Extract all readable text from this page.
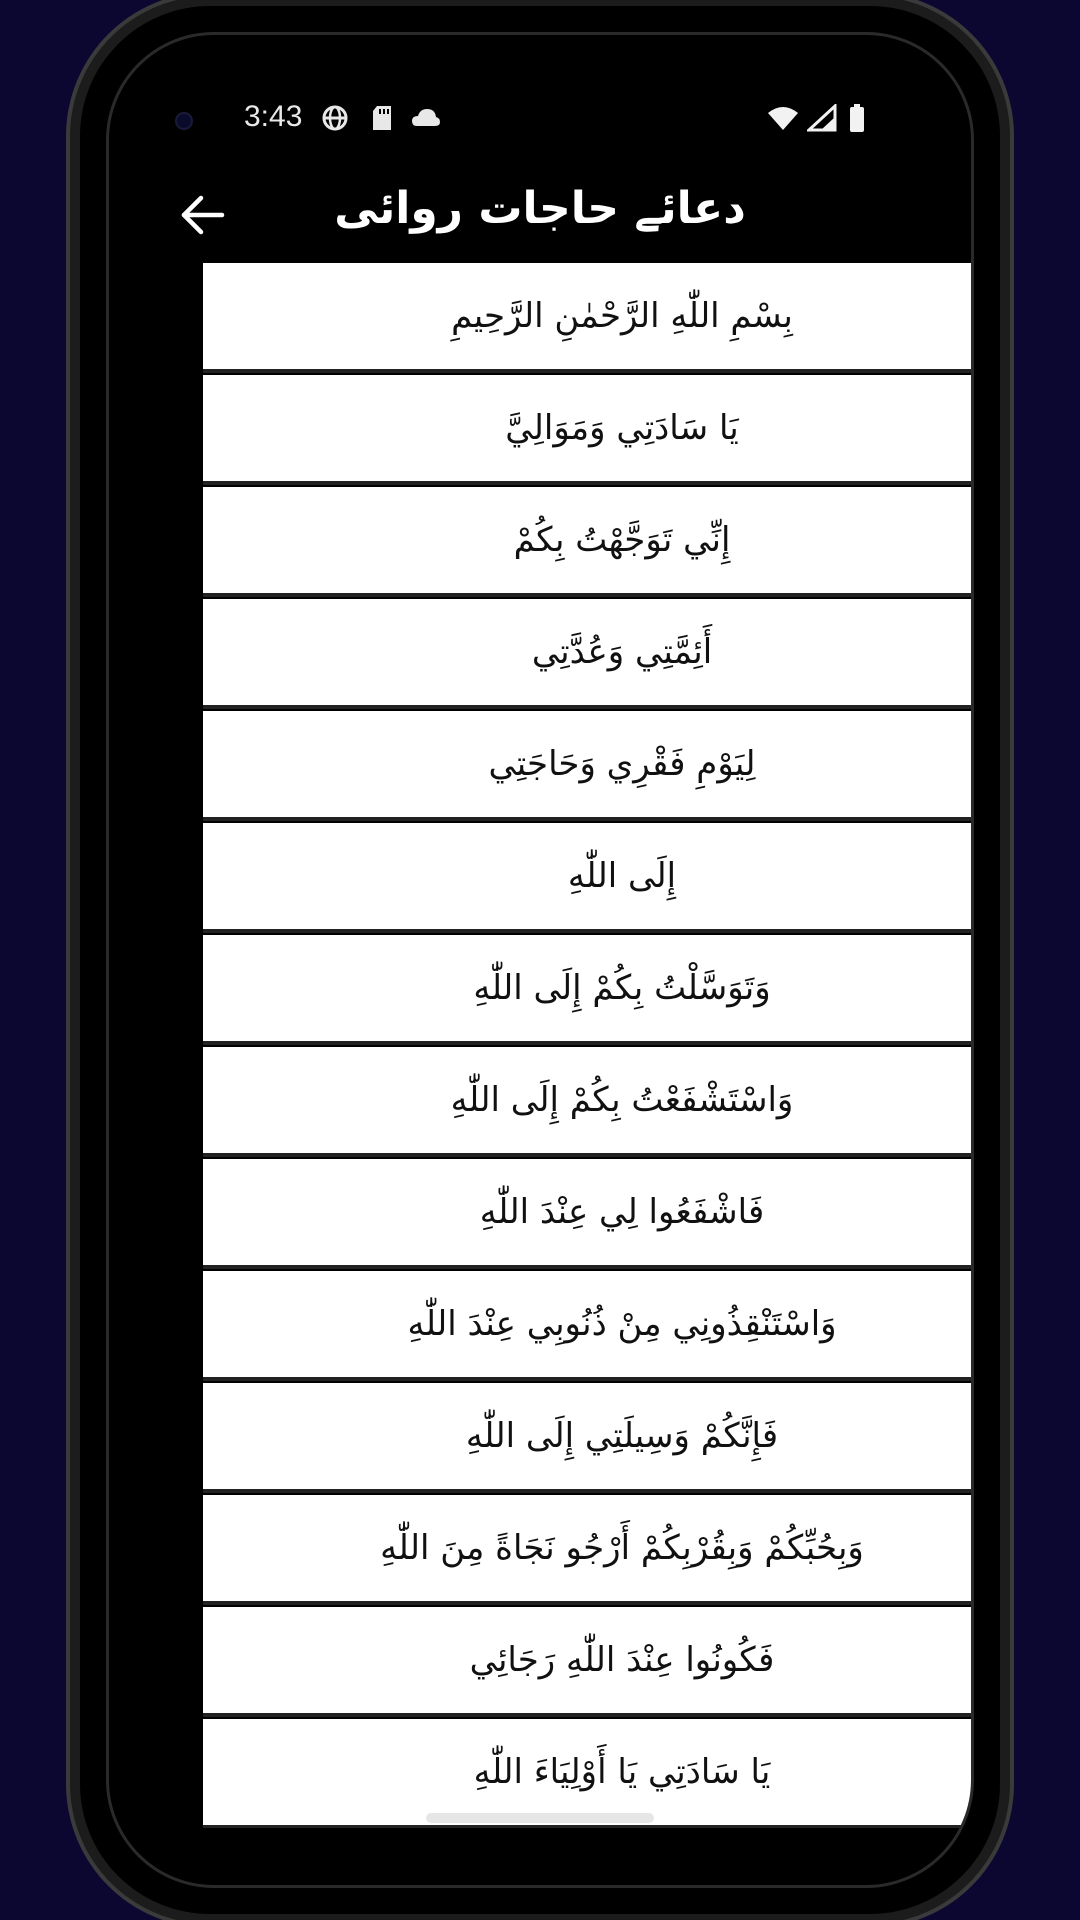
3:43
دعائے حاجات روائی
بِسْمِ اللّٰهِ الرَّحْمٰنِ الرَّحِيمِ
يَا سَادَتِي وَمَوَالِيَّ
إِنِّي تَوَجَّهْتُ بِكُمْ
أَئِمَّتِي وَعُدَّتِي
لِيَوْمِ فَقْرِي وَحَاجَتِي
إِلَى اللّٰهِ
وَتَوَسَّلْتُ بِكُمْ إِلَى اللّٰهِ
وَاسْتَشْفَعْتُ بِكُمْ إِلَى اللّٰهِ
فَاشْفَعُوا لِي عِنْدَ اللّٰهِ
وَاسْتَنْقِذُونِي مِنْ ذُنُوبِي عِنْدَ اللّٰهِ
فَإِنَّكُمْ وَسِيلَتِي إِلَى اللّٰهِ
وَبِحُبِّكُمْ وَبِقُرْبِكُمْ أَرْجُو نَجَاةً مِنَ اللّٰهِ
فَكُونُوا عِنْدَ اللّٰهِ رَجَائِي
يَا سَادَتِي يَا أَوْلِيَاءَ اللّٰهِ
